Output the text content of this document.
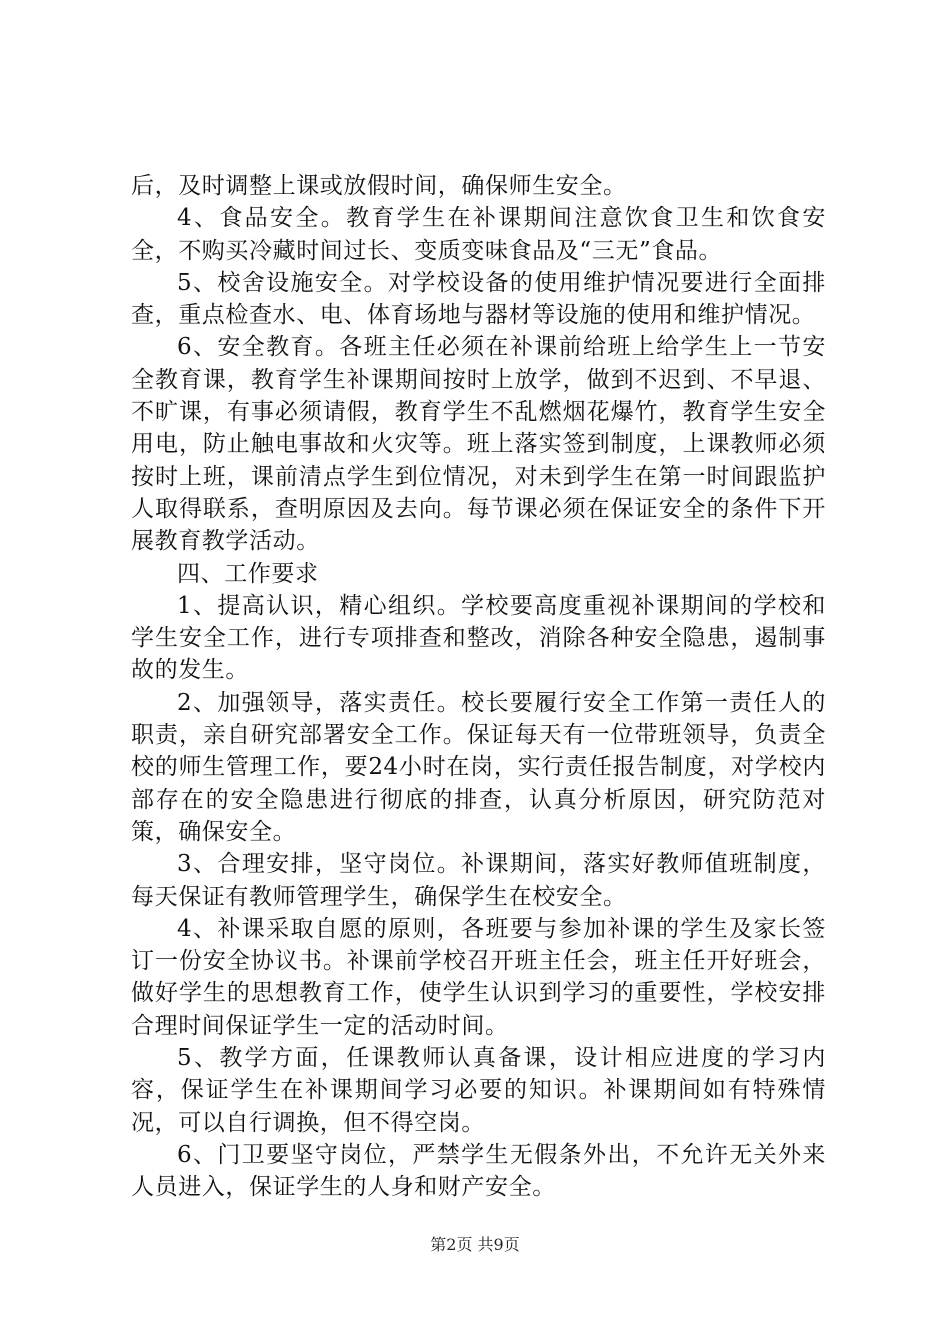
后，及时调整上课或放假时间，确保师生安全。

4、食品安全。教育学生在补课期间注意饮食卫生和饮食安全，不购买冷藏时间过长、变质变味食品及“三无”食品。

5、校舍设施安全。对学校设备的使用维护情况要进行全面排查，重点检查水、电、体育场地与器材等设施的使用和维护情况。

6、安全教育。各班主任必须在补课前给班上给学生上一节安全教育课，教育学生补课期间按时上放学，做到不迟到、不早退、不旷课，有事必须请假，教育学生不乱燃烟花爆竹，教育学生安全用电，防止触电事故和火灾等。班上落实签到制度，上课教师必须按时上班，课前清点学生到位情况，对未到学生在第一时间跟监护人取得联系，查明原因及去向。每节课必须在保证安全的条件下开展教育教学活动。

四、工作要求

1、提高认识，精心组织。学校要高度重视补课期间的学校和学生安全工作，进行专项排查和整改，消除各种安全隐患，遏制事故的发生。

2、加强领导，落实责任。校长要履行安全工作第一责任人的职责，亲自研究部署安全工作。保证每天有一位带班领导，负责全校的师生管理工作，要24小时在岗，实行责任报告制度，对学校内部存在的安全隐患进行彻底的排查，认真分析原因，研究防范对策，确保安全。

3、合理安排，坚守岗位。补课期间，落实好教师值班制度，每天保证有教师管理学生，确保学生在校安全。

4、补课采取自愿的原则，各班要与参加补课的学生及家长签订一份安全协议书。补课前学校召开班主任会，班主任开好班会，做好学生的思想教育工作，使学生认识到学习的重要性，学校安排合理时间保证学生一定的活动时间。

5、教学方面，任课教师认真备课，设计相应进度的学习内容，保证学生在补课期间学习必要的知识。补课期间如有特殊情况，可以自行调换，但不得空岗。

6、门卫要坚守岗位，严禁学生无假条外出，不允许无关外来人员进入，保证学生的人身和财产安全。

第2页 共9页
